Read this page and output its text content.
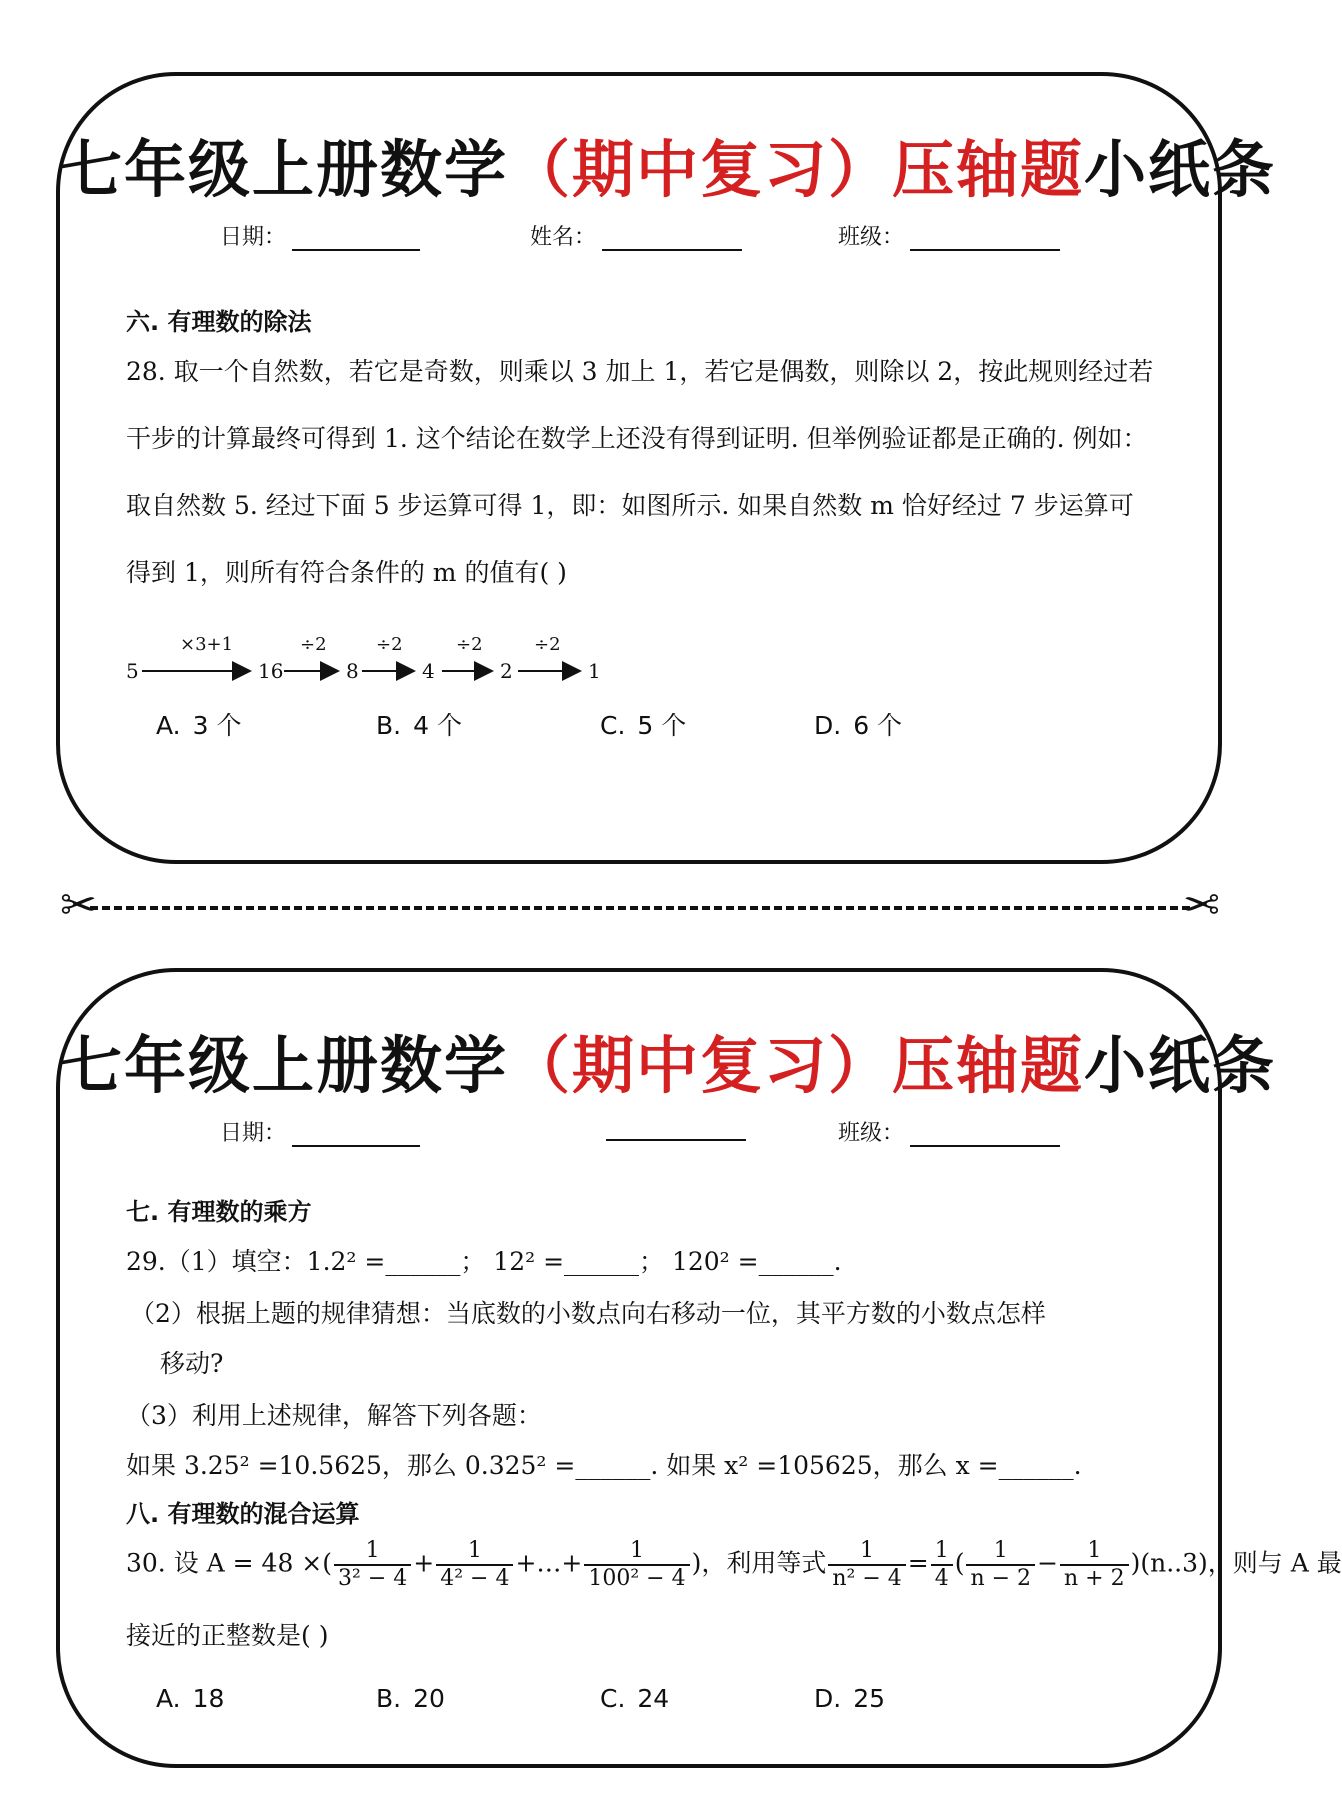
七年级上册数学（期中复习）压轴题小纸条
日期：	姓名：	班级：
六. 有理数的除法
28. 取一个自然数，若它是奇数，则乘以 3 加上 1，若它是偶数，则除以 2，按此规则经过若干步的计算最终可得到 1. 这个结论在数学上还没有得到证明. 但举例验证都是正确的. 例如：取自然数 5. 经过下面 5 步运算可得 1，即：如图所示. 如果自然数 m 恰好经过 7 步运算可得到 1，则所有符合条件的 m 的值有( )
5	16	8	4	2	1
×3+1	÷2	÷2	÷2	÷2
A. 3 个	B. 4 个	C. 5 个	D. 6 个
✂	✂
七年级上册数学（期中复习）压轴题小纸条
日期：	班级：
七. 有理数的乘方
29.（1）填空：1.2² =______； 12² =______； 120² =______.
（2）根据上题的规律猜想：当底数的小数点向右移动一位，其平方数的小数点怎样
移动?
（3）利用上述规律，解答下列各题：
如果 3.25² =10.5625，那么 0.325² =______. 如果 x² =105625，那么 x =______.
八. 有理数的混合运算
30. 设 A = 48 ×( $\frac{1}{\text{3² − 4}} + \frac{1}{\text{4² − 4}}$ +…+ $\frac{1}{\text{100² − 4}}$ )，利用等式 $\frac{1}{\text{n² − 4}} = \frac{1}{4}$ ( $\frac{1}{n - 2} - \frac{1}{n + 2} )(n..3)$，则与 A 最
接近的正整数是( )
A. 18	B. 20	C. 24	D. 25
